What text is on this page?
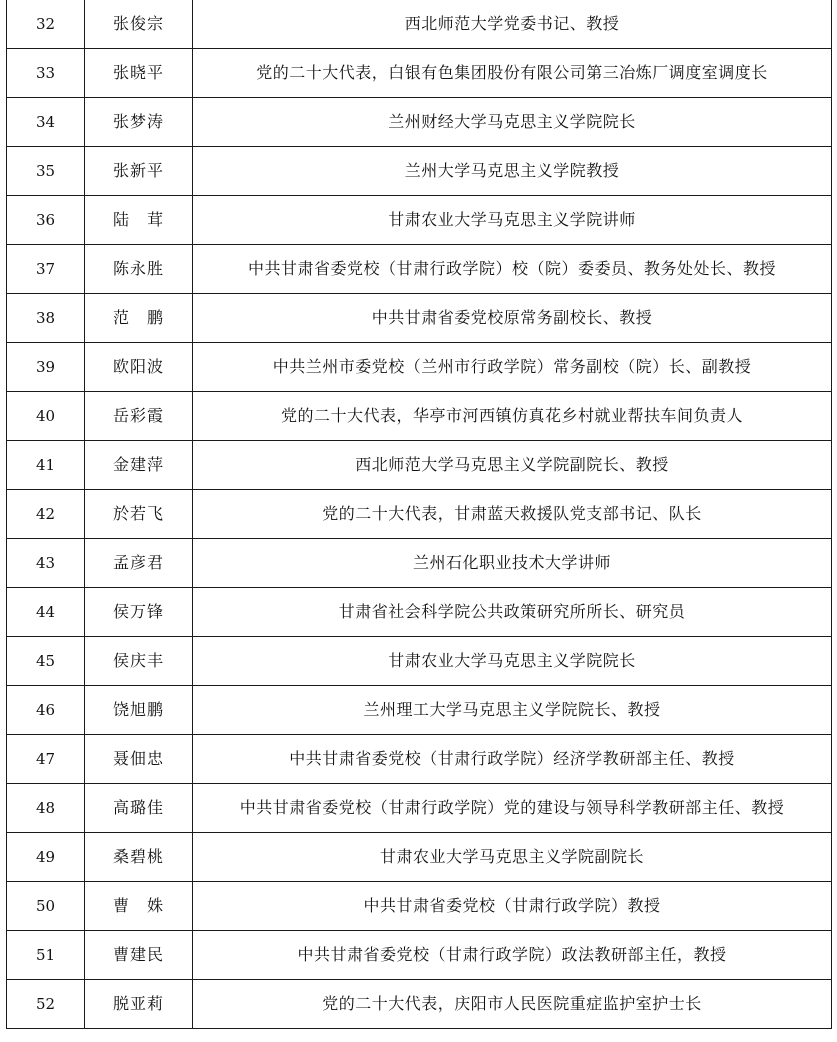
32	张俊宗	西北师范大学党委书记、教授
33	张晓平	党的二十大代表，白银有色集团股份有限公司第三冶炼厂调度室调度长
34	张梦涛	兰州财经大学马克思主义学院院长
35	张新平	兰州大学马克思主义学院教授
36	陆　茸	甘肃农业大学马克思主义学院讲师
37	陈永胜	中共甘肃省委党校（甘肃行政学院）校（院）委委员、教务处处长、教授
38	范　鹏	中共甘肃省委党校原常务副校长、教授
39	欧阳波	中共兰州市委党校（兰州市行政学院）常务副校（院）长、副教授
40	岳彩霞	党的二十大代表，华亭市河西镇仿真花乡村就业帮扶车间负责人
41	金建萍	西北师范大学马克思主义学院副院长、教授
42	於若飞	党的二十大代表，甘肃蓝天救援队党支部书记、队长
43	孟彦君	兰州石化职业技术大学讲师
44	侯万锋	甘肃省社会科学院公共政策研究所所长、研究员
45	侯庆丰	甘肃农业大学马克思主义学院院长
46	饶旭鹏	兰州理工大学马克思主义学院院长、教授
47	聂佃忠	中共甘肃省委党校（甘肃行政学院）经济学教研部主任、教授
48	高璐佳	中共甘肃省委党校（甘肃行政学院）党的建设与领导科学教研部主任、教授
49	桑碧桃	甘肃农业大学马克思主义学院副院长
50	曹　姝	中共甘肃省委党校（甘肃行政学院）教授
51	曹建民	中共甘肃省委党校（甘肃行政学院）政法教研部主任，教授
52	脱亚莉	党的二十大代表，庆阳市人民医院重症监护室护士长
